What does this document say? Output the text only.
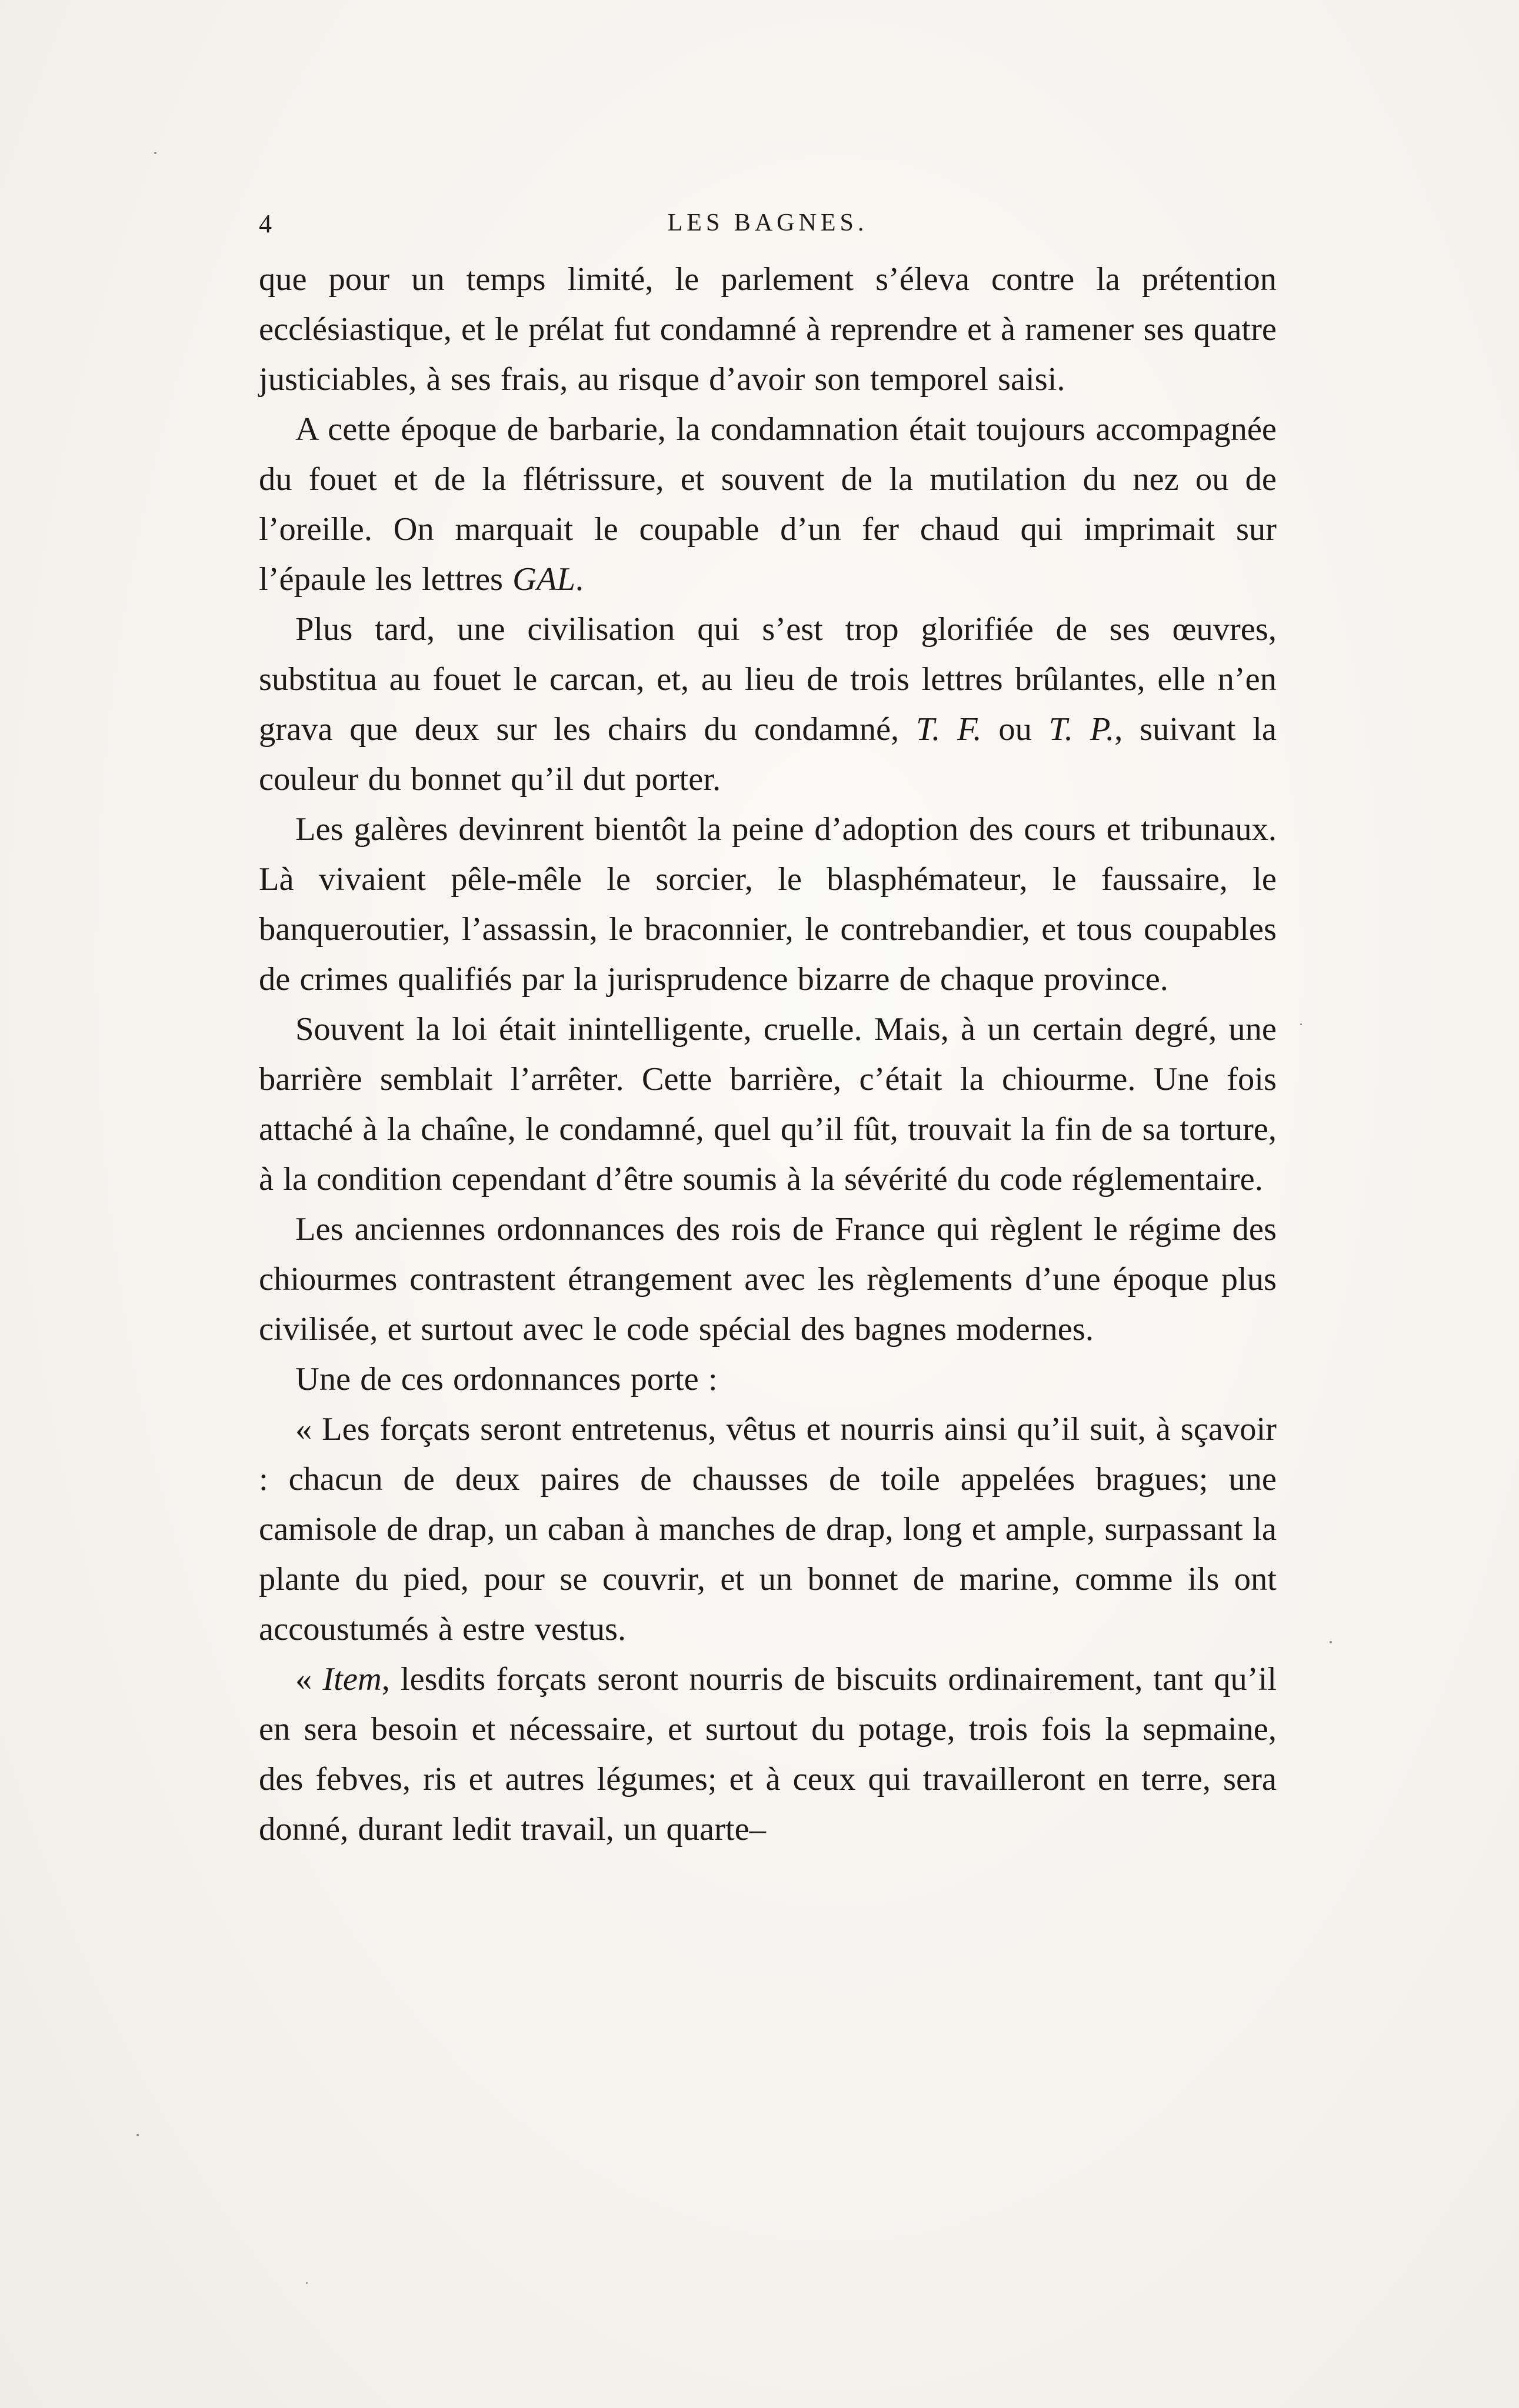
4	LES BAGNES.

que pour un temps limité, le parlement s’éleva contre la prétention ecclésiastique, et le prélat fut condamné à reprendre et à ramener ses quatre justiciables, à ses frais, au risque d’avoir son temporel saisi.

A cette époque de barbarie, la condamnation était toujours accompagnée du fouet et de la flétrissure, et souvent de la mutilation du nez ou de l’oreille. On marquait le coupable d’un fer chaud qui imprimait sur l’épaule les lettres GAL.

Plus tard, une civilisation qui s’est trop glorifiée de ses œuvres, substitua au fouet le carcan, et, au lieu de trois lettres brûlantes, elle n’en grava que deux sur les chairs du condamné, T. F. ou T. P., suivant la couleur du bonnet qu’il dut porter.

Les galères devinrent bientôt la peine d’adoption des cours et tribunaux. Là vivaient pêle-mêle le sorcier, le blasphémateur, le faussaire, le banqueroutier, l’assassin, le braconnier, le contrebandier, et tous coupables de crimes qualifiés par la jurisprudence bizarre de chaque province.

Souvent la loi était inintelligente, cruelle. Mais, à un certain degré, une barrière semblait l’arrêter. Cette barrière, c’était la chiourme. Une fois attaché à la chaîne, le condamné, quel qu’il fût, trouvait la fin de sa torture, à la condition cependant d’être soumis à la sévérité du code réglementaire.

Les anciennes ordonnances des rois de France qui règlent le régime des chiourmes contrastent étrangement avec les règlements d’une époque plus civilisée, et surtout avec le code spécial des bagnes modernes.

Une de ces ordonnances porte :

« Les forçats seront entretenus, vêtus et nourris ainsi qu’il suit, à sçavoir : chacun de deux paires de chausses de toile appelées bragues; une camisole de drap, un caban à manches de drap, long et ample, surpassant la plante du pied, pour se couvrir, et un bonnet de marine, comme ils ont accoustumés à estre vestus.

« Item, lesdits forçats seront nourris de biscuits ordinairement, tant qu’il en sera besoin et nécessaire, et surtout du potage, trois fois la sepmaine, des febves, ris et autres légumes; et à ceux qui travailleront en terre, sera donné, durant ledit travail, un quarte–
